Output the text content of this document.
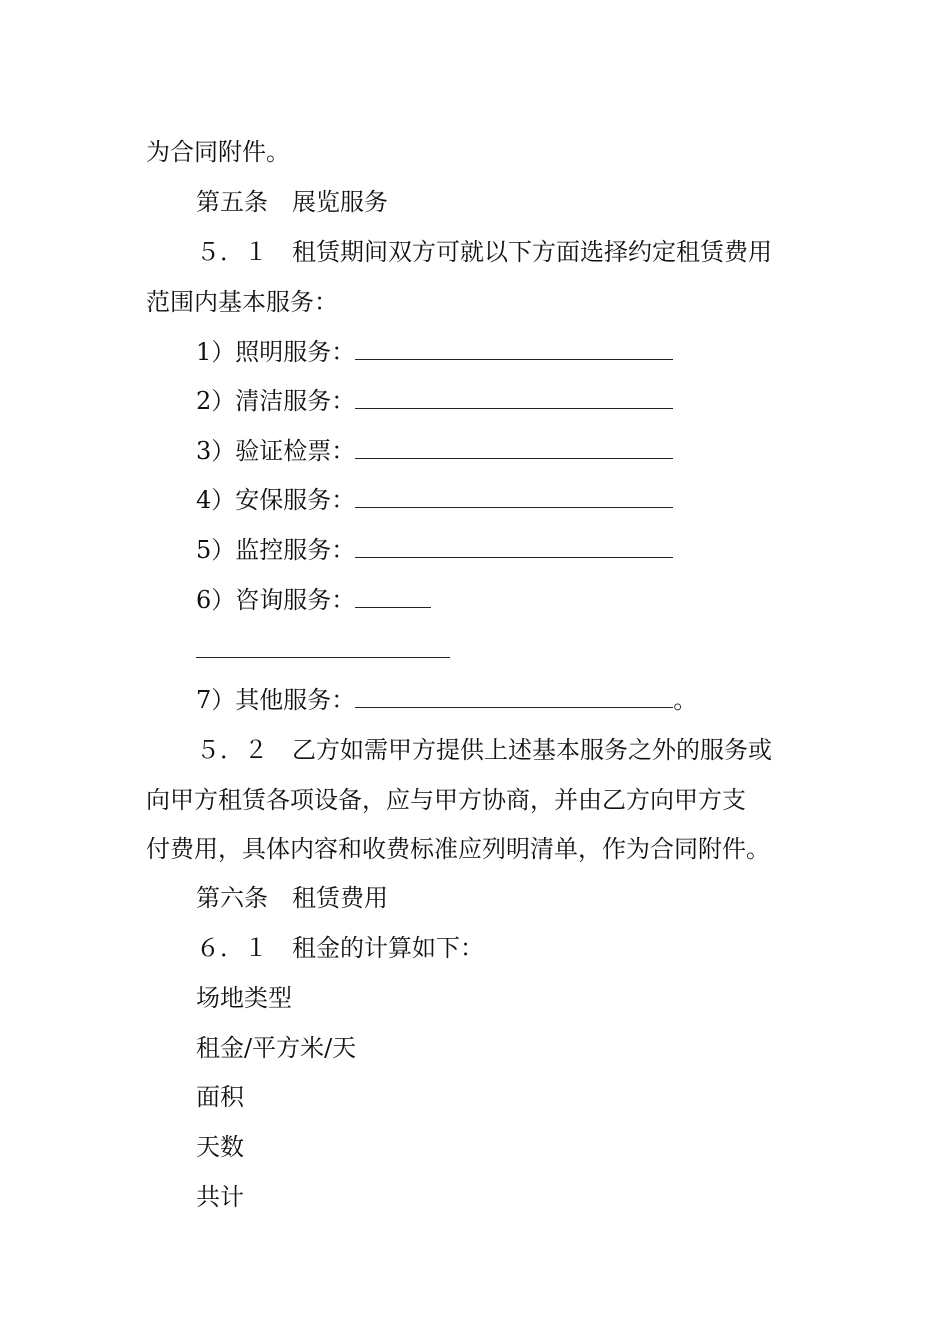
为合同附件。
第五条 展览服务
５．１ 租赁期间双方可就以下方面选择约定租赁费用
范围内基本服务：
1）照明服务：
2）清洁服务：
3）验证检票：
4）安保服务：
5）监控服务：
6）咨询服务：
7）其他服务：	。
５．２ 乙方如需甲方提供上述基本服务之外的服务或
向甲方租赁各项设备，应与甲方协商，并由乙方向甲方支
付费用，具体内容和收费标准应列明清单，作为合同附件。
第六条 租赁费用
６．１ 租金的计算如下：
场地类型
租金/平方米/天
面积
天数
共计
